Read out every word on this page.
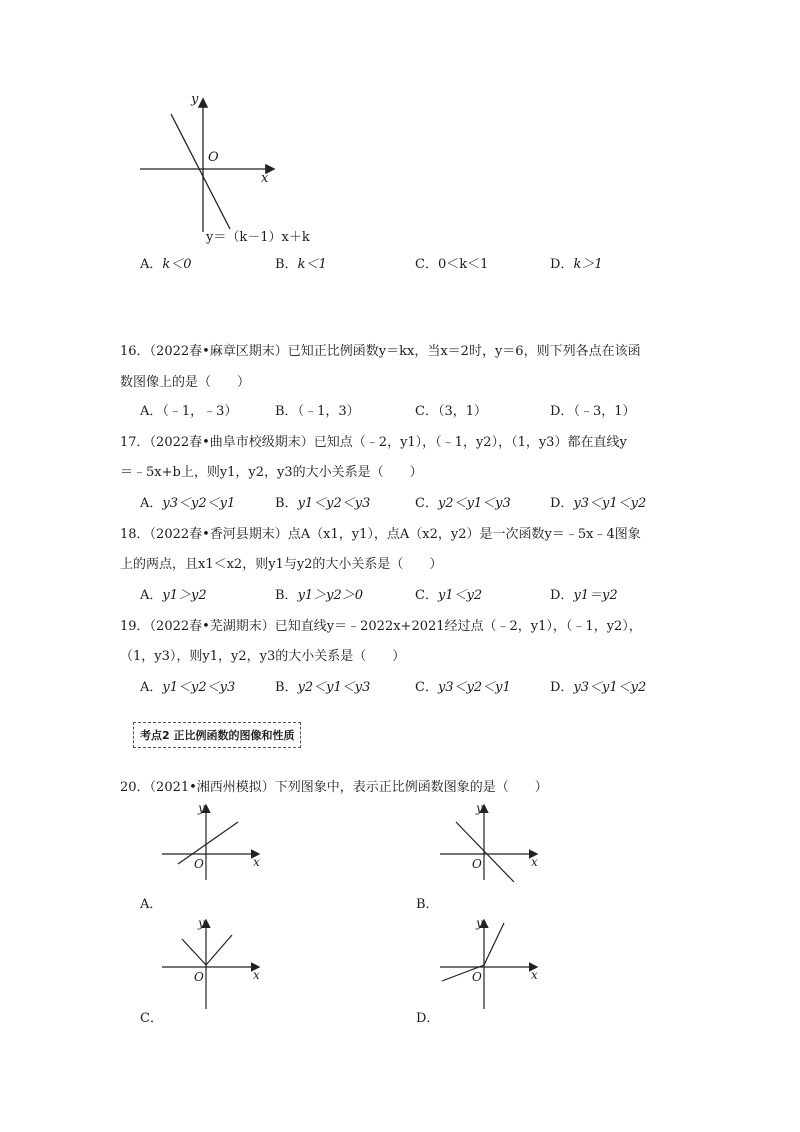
y
O
x
y＝（k－1）x＋k
A．k＜0	B．k＜1	C．0＜k＜1	D．k＞1
16．（2022春•麻章区期末）已知正比例函数y＝kx，当x＝2时，y＝6，则下列各点在该函
数图像上的是（　　）
A．（﹣1，﹣3）	B．（﹣1，3）	C．（3，1）	D．（﹣3，1）
17．（2022春•曲阜市校级期末）已知点（﹣2，y1），（﹣1，y2），（1，y3）都在直线y
＝﹣5x+b上，则y1，y2，y3的大小关系是（　　）
A．y3＜y2＜y1	B．y1＜y2＜y3	C．y2＜y1＜y3	D．y3＜y1＜y2
18．（2022春•香河县期末）点A（x1，y1），点A（x2，y2）是一次函数y＝﹣5x﹣4图象
上的两点，且x1＜x2，则y1与y2的大小关系是（　　）
A．y1＞y2	B．y1＞y2＞0	C．y1＜y2	D．y1＝y2
19．（2022春•芜湖期末）已知直线y＝﹣2022x+2021经过点（﹣2，y1），（﹣1，y2），
（1，y3），则y1，y2，y3的大小关系是（　　）
A．y1＜y2＜y3	B．y2＜y1＜y3	C．y3＜y2＜y1	D．y3＜y1＜y2
考点2 正比例函数的图像和性质
20．（2021•湘西州模拟）下列图象中，表示正比例函数图象的是（　　）
y
x
O
A．
y
x
O
B．
y
x
O
C．
y
x
O
D．
